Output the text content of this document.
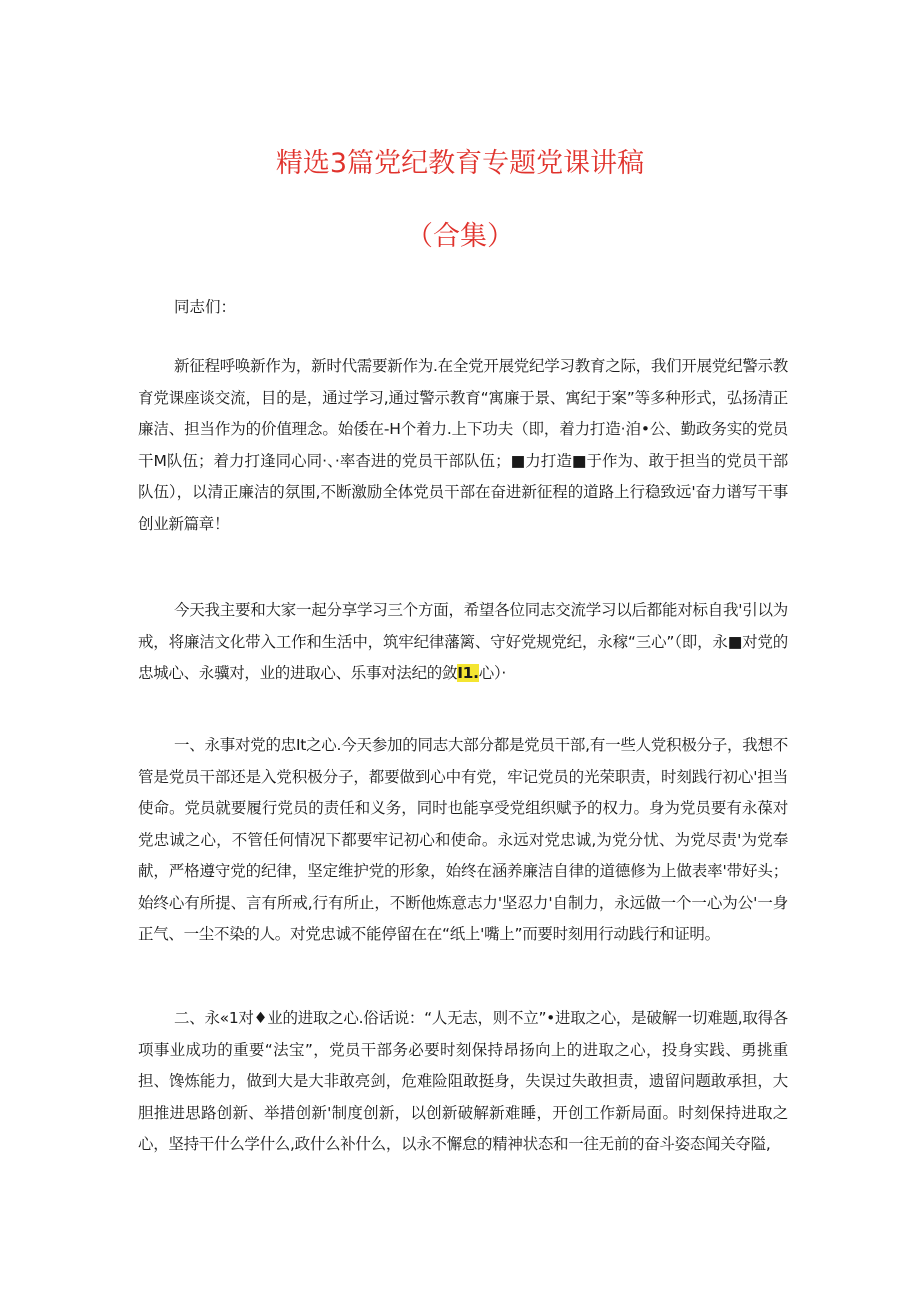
精选3篇党纪教育专题党课讲稿
（合集）

同志们：

新征程呼唤新作为，新时代需要新作为.在全党开展党纪学习教育之际，我们开展党纪警示教育党课座谈交流，目的是，通过学习,通过警示教育“寓廉于景、寓纪于案”等多种形式，弘扬清正廉洁、担当作为的价值理念。始倭在-H个着力.上下功夫（即，着力打造·洎•公、勤政务实的党员干M队伍；着力打逢同心同·、·率杳进的党员干部队伍；■力打造■于作为、敢于担当的党员干部队伍），以清正廉洁的氛围,不断激励全体党员干部在奋进新征程的道路上行稳致远'奋力谱写干事创业新篇章！

今天我主要和大家一起分享学习三个方面，希望各位同志交流学习以后都能对标自我'引以为戒，将廉洁文化带入工作和生活中，筑牢纪律藩篱、守好党规党纪，永稼“三心”（即，永■对党的忠城心、永骥对，业的进取心、乐事对法纪的敛I1.心）·

一、永事对党的忠It之心.今天参加的同志大部分都是党员干部,有一些人党积极分子，我想不管是党员干部还是入党积极分子，都要做到心中有党，牢记党员的光荣职责，时刻践行初心'担当使命。党员就要履行党员的责任和义务，同时也能享受党组织赋予的权力。身为党员要有永葆对党忠诚之心，不管任何情况下都要牢记初心和使命。永远对党忠诚,为党分忧、为党尽责'为党奉献，严格遵守党的纪律，坚定维护党的形象，始终在涵养廉洁自律的道德修为上做表率'带好头；始终心有所提、言有所戒,行有所止，不断他炼意志力'坚忍力'自制力，永远做一个一心为公'一身正气、一尘不染的人。对党忠诚不能停留在在“纸上'嘴上”而要时刻用行动践行和证明。

二、永«1对♦业的进取之心.俗话说：“人无志，则不立”•进取之心，是破解一切难题,取得各项事业成功的重要“法宝”，党员干部务必要时刻保持昂扬向上的进取之心，投身实践、勇挑重担、馋炼能力，做到大是大非敢亮剑，危难险阻敢挺身，失误过失敢担责，遗留问题敢承担，大胆推进思路创新、举措创新'制度创新，以创新破解新难睡，开创工作新局面。时刻保持进取之心，坚持干什么学什么,政什么补什么，以永不懈怠的精神状态和一往无前的奋斗姿态闻关夺隘,
